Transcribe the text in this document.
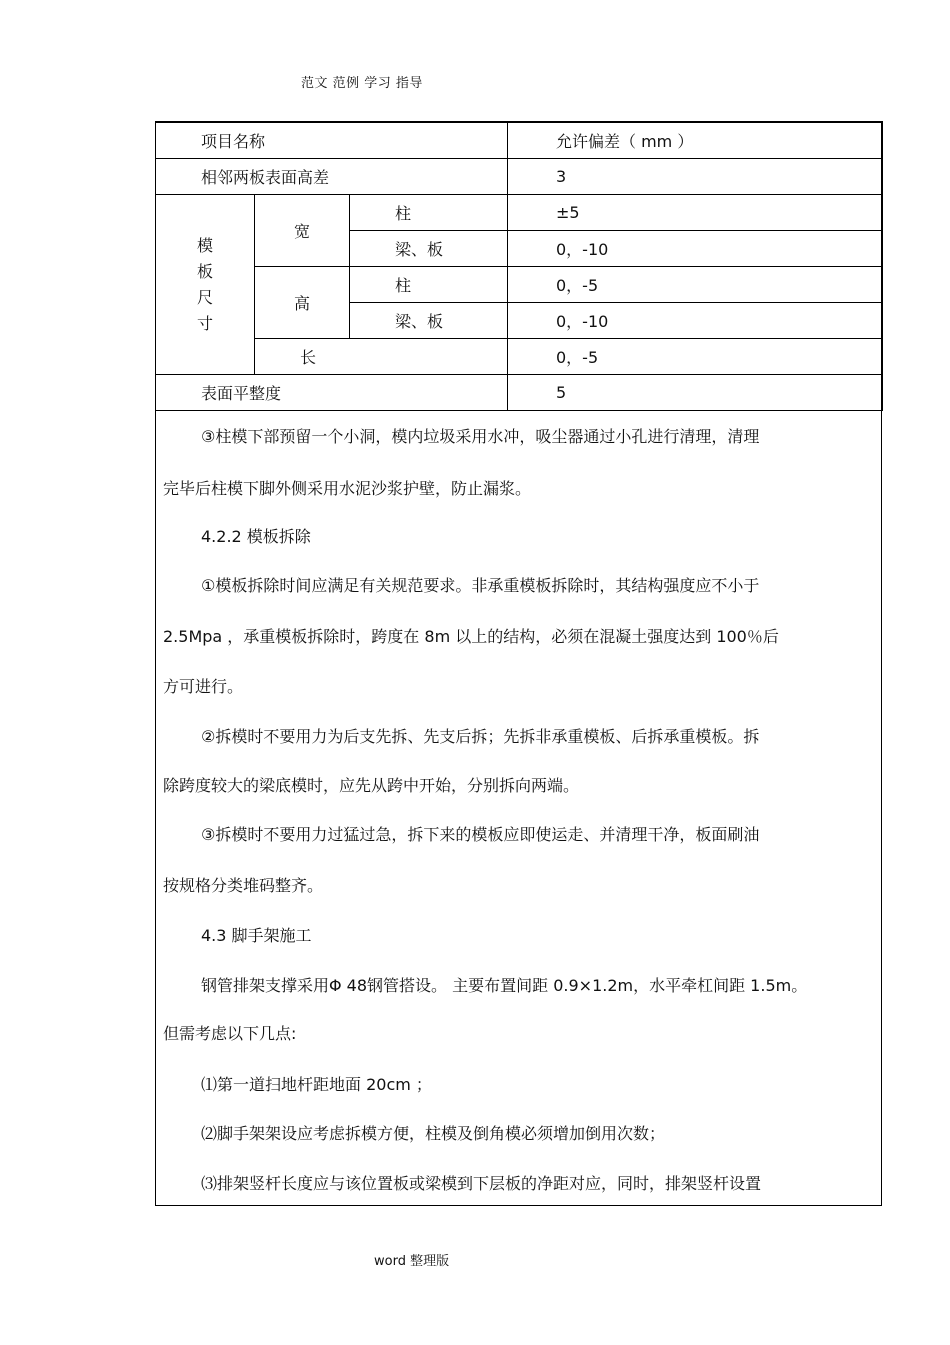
范文 范例 学习 指导
项目名称			允许偏差（ mm ）
相邻两板表面高差			3

模
板
尺
寸	宽	柱	±5
		梁、板	0，-10
	高	柱	0，-5
		梁、板	0，-10
	长		0，-5
表面平整度			5

③柱模下部预留一个小洞，模内垃圾采用水冲，吸尘器通过小孔进行清理，清理

完毕后柱模下脚外侧采用水泥沙浆护壁，防止漏浆。

4.2.2 模板拆除

①模板拆除时间应满足有关规范要求。非承重模板拆除时，其结构强度应不小于

2.5Mpa ，承重模板拆除时，跨度在 8m 以上的结构，必须在混凝土强度达到 100％后

方可进行。

②拆模时不要用力为后支先拆、先支后拆；先拆非承重模板、后拆承重模板。拆

除跨度较大的梁底模时，应先从跨中开始，分别拆向两端。

③拆模时不要用力过猛过急，拆下来的模板应即使运走、并清理干净，板面刷油

按规格分类堆码整齐。

4.3 脚手架施工

钢管排架支撑采用Φ 48钢管搭设。 主要布置间距 0.9×1.2m，水平牵杠间距 1.5m。

但需考虑以下几点:

⑴第一道扫地杆距地面 20cm ；

⑵脚手架架设应考虑拆模方便，柱模及倒角模必须增加倒用次数；

⑶排架竖杆长度应与该位置板或梁模到下层板的净距对应，同时，排架竖杆设置

word 整理版
